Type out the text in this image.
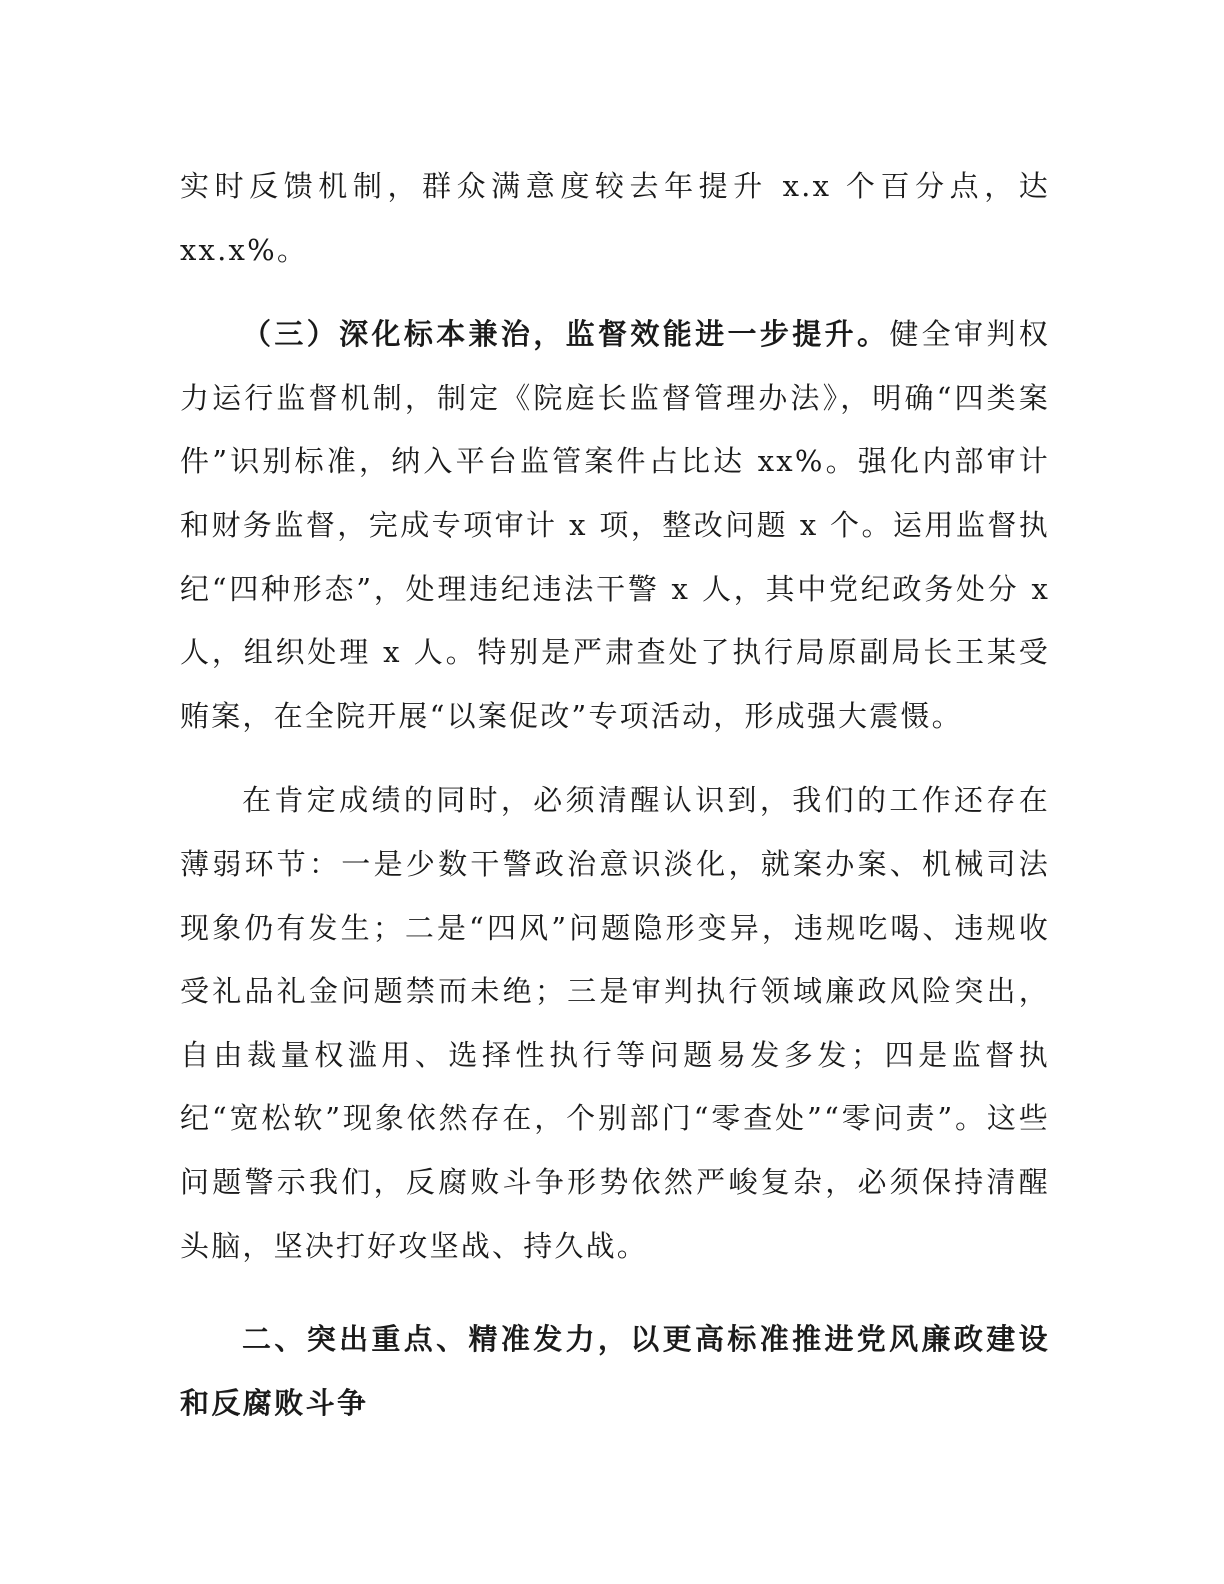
实时反馈机制，群众满意度较去年提升 x.x 个百分点，达 xx.x%。

（三）深化标本兼治，监督效能进一步提升。健全审判权力运行监督机制，制定《院庭长监督管理办法》，明确“四类案件”识别标准，纳入平台监管案件占比达 xx%。强化内部审计和财务监督，完成专项审计 x 项，整改问题 x 个。运用监督执纪“四种形态”，处理违纪违法干警 x 人，其中党纪政务处分 x 人，组织处理 x 人。特别是严肃查处了执行局原副局长王某受贿案，在全院开展“以案促改”专项活动，形成强大震慑。

在肯定成绩的同时，必须清醒认识到，我们的工作还存在薄弱环节：一是少数干警政治意识淡化，就案办案、机械司法现象仍有发生；二是“四风”问题隐形变异，违规吃喝、违规收受礼品礼金问题禁而未绝；三是审判执行领域廉政风险突出，自由裁量权滥用、选择性执行等问题易发多发；四是监督执纪“宽松软”现象依然存在，个别部门“零查处”“零问责”。这些问题警示我们，反腐败斗争形势依然严峻复杂，必须保持清醒头脑，坚决打好攻坚战、持久战。

二、突出重点、精准发力，以更高标准推进党风廉政建设和反腐败斗争
